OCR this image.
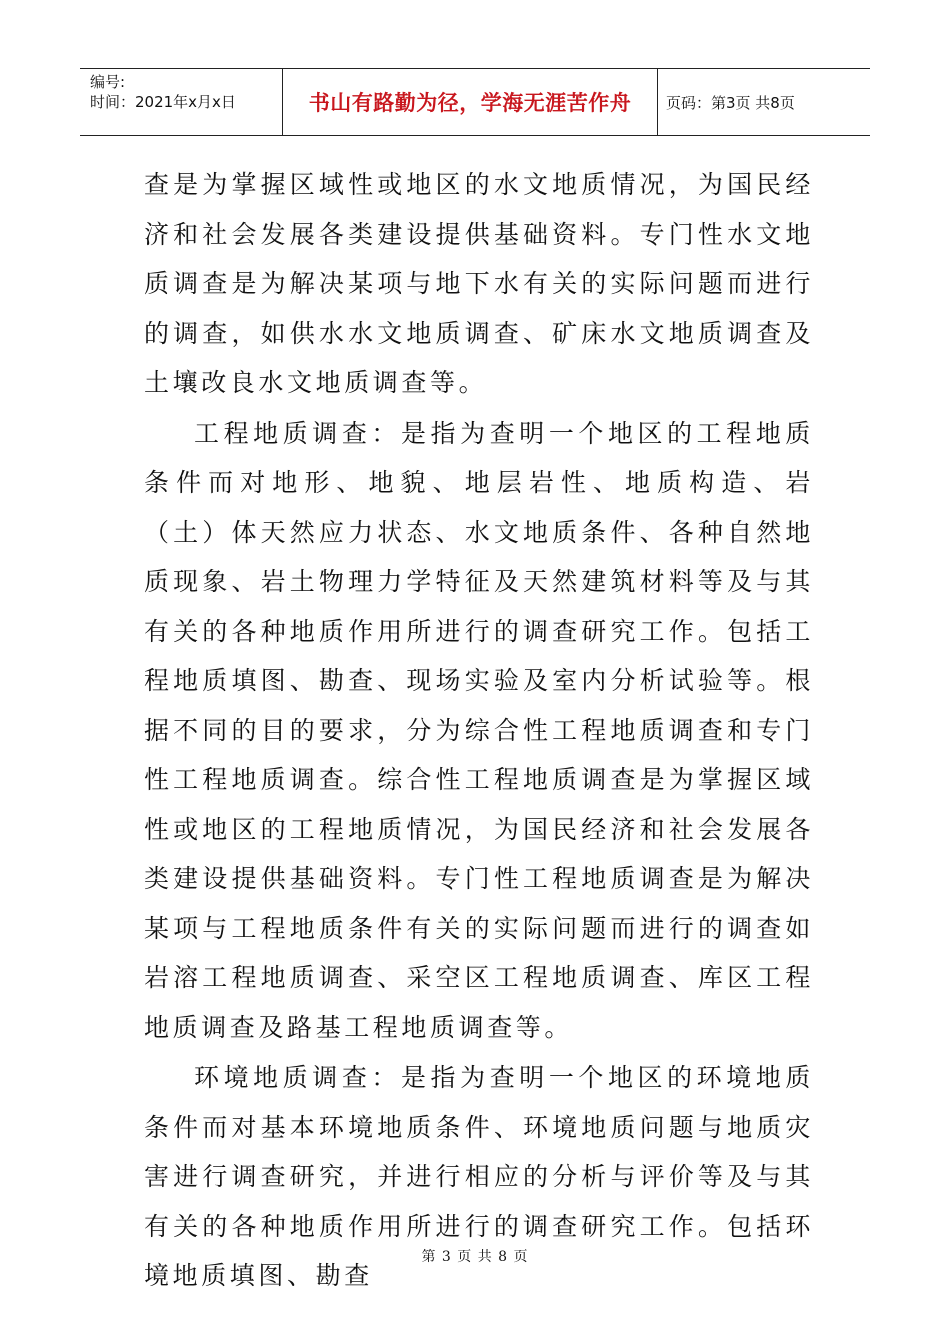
编号:
时间：2021年x月x日	书山有路勤为径，学海无涯苦作舟	页码：第3页 共8页

查是为掌握区域性或地区的水文地质情况，为国民经济和社会发展各类建设提供基础资料。专门性水文地质调查是为解决某项与地下水有关的实际问题而进行的调查，如供水水文地质调查、矿床水文地质调查及土壤改良水文地质调查等。

工程地质调查：是指为查明一个地区的工程地质条件而对地形、地貌、地层岩性、地质构造、岩（土）体天然应力状态、水文地质条件、各种自然地质现象、岩土物理力学特征及天然建筑材料等及与其有关的各种地质作用所进行的调查研究工作。包括工程地质填图、勘查、现场实验及室内分析试验等。根据不同的目的要求，分为综合性工程地质调查和专门性工程地质调查。综合性工程地质调查是为掌握区域性或地区的工程地质情况，为国民经济和社会发展各类建设提供基础资料。专门性工程地质调查是为解决某项与工程地质条件有关的实际问题而进行的调查如岩溶工程地质调查、采空区工程地质调查、库区工程地质调查及路基工程地质调查等。

环境地质调查：是指为查明一个地区的环境地质条件而对基本环境地质条件、环境地质问题与地质灾害进行调查研究，并进行相应的分析与评价等及与其有关的各种地质作用所进行的调查研究工作。包括环境地质填图、勘查

第 3 页 共 8 页
